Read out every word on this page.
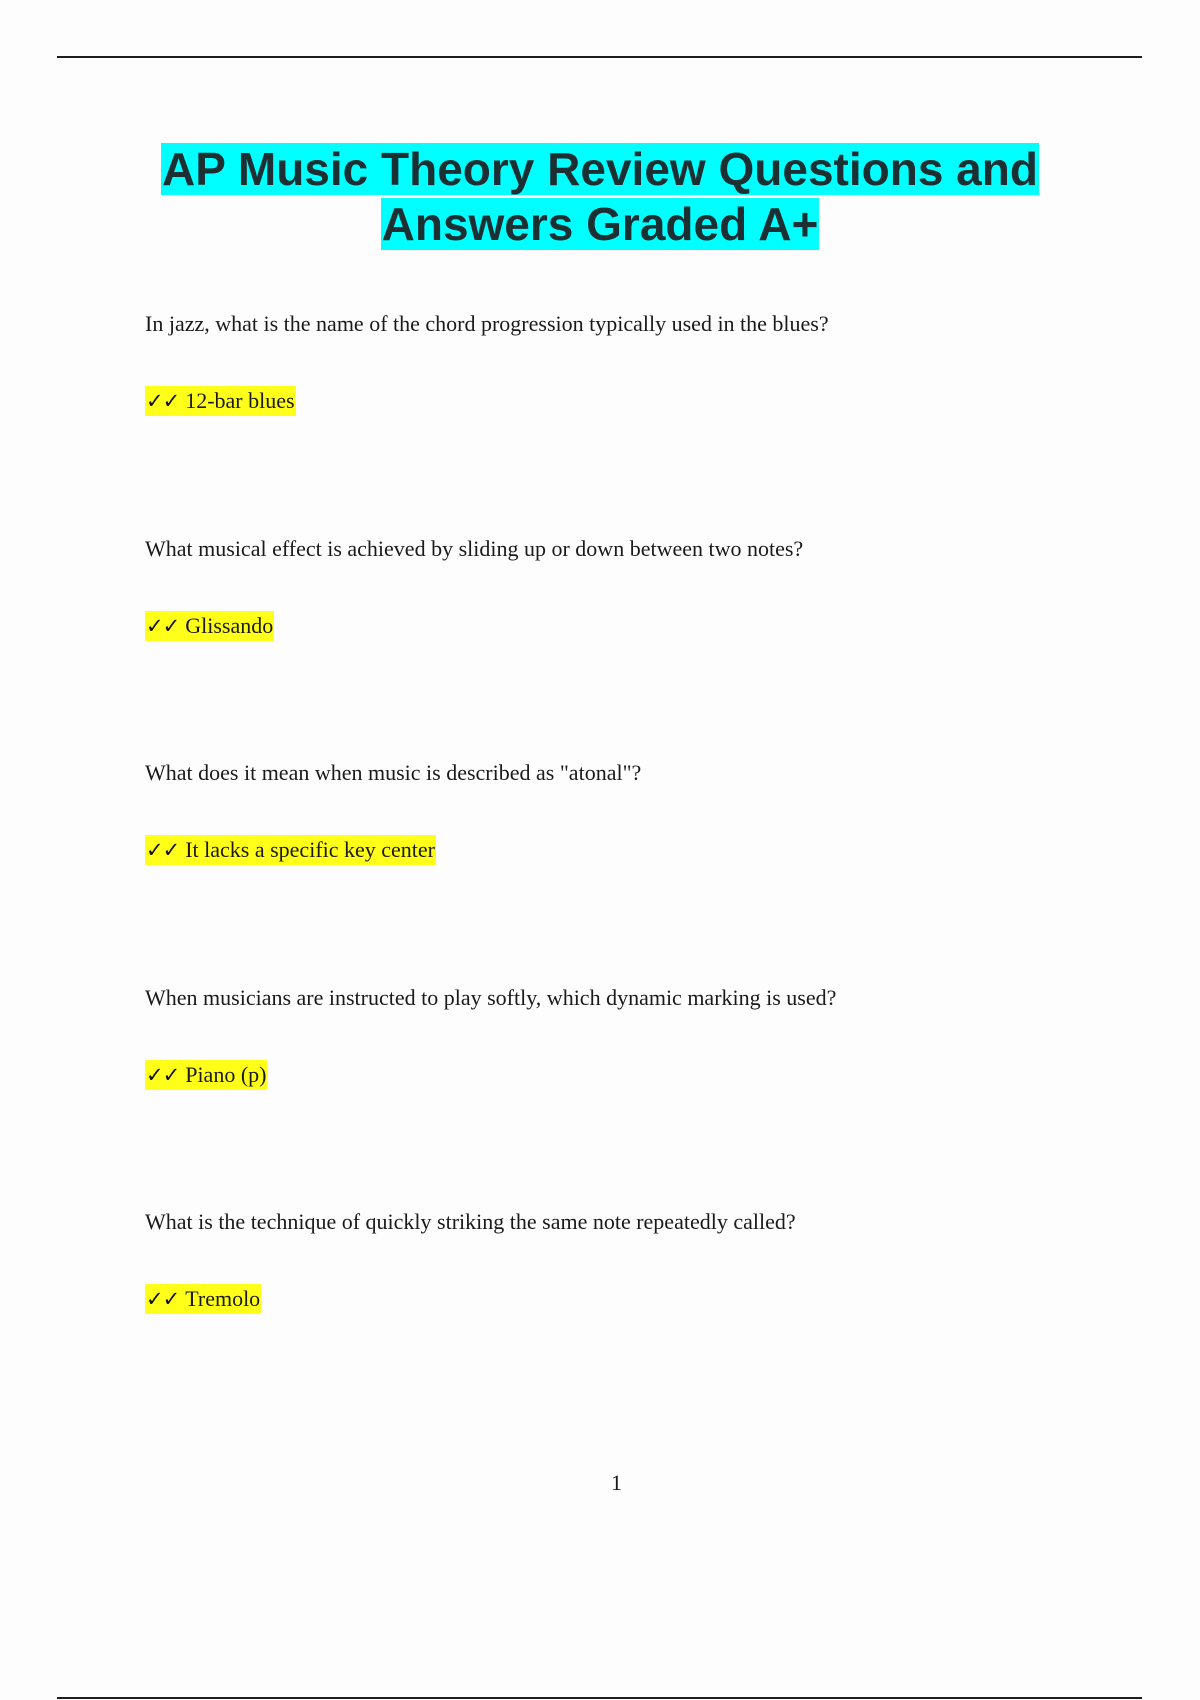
AP Music Theory Review Questions and
Answers Graded A+

In jazz, what is the name of the chord progression typically used in the blues?

✓✓ 12-bar blues

What musical effect is achieved by sliding up or down between two notes?

✓✓ Glissando

What does it mean when music is described as "atonal"?

✓✓ It lacks a specific key center

When musicians are instructed to play softly, which dynamic marking is used?

✓✓ Piano (p)

What is the technique of quickly striking the same note repeatedly called?

✓✓ Tremolo

1
